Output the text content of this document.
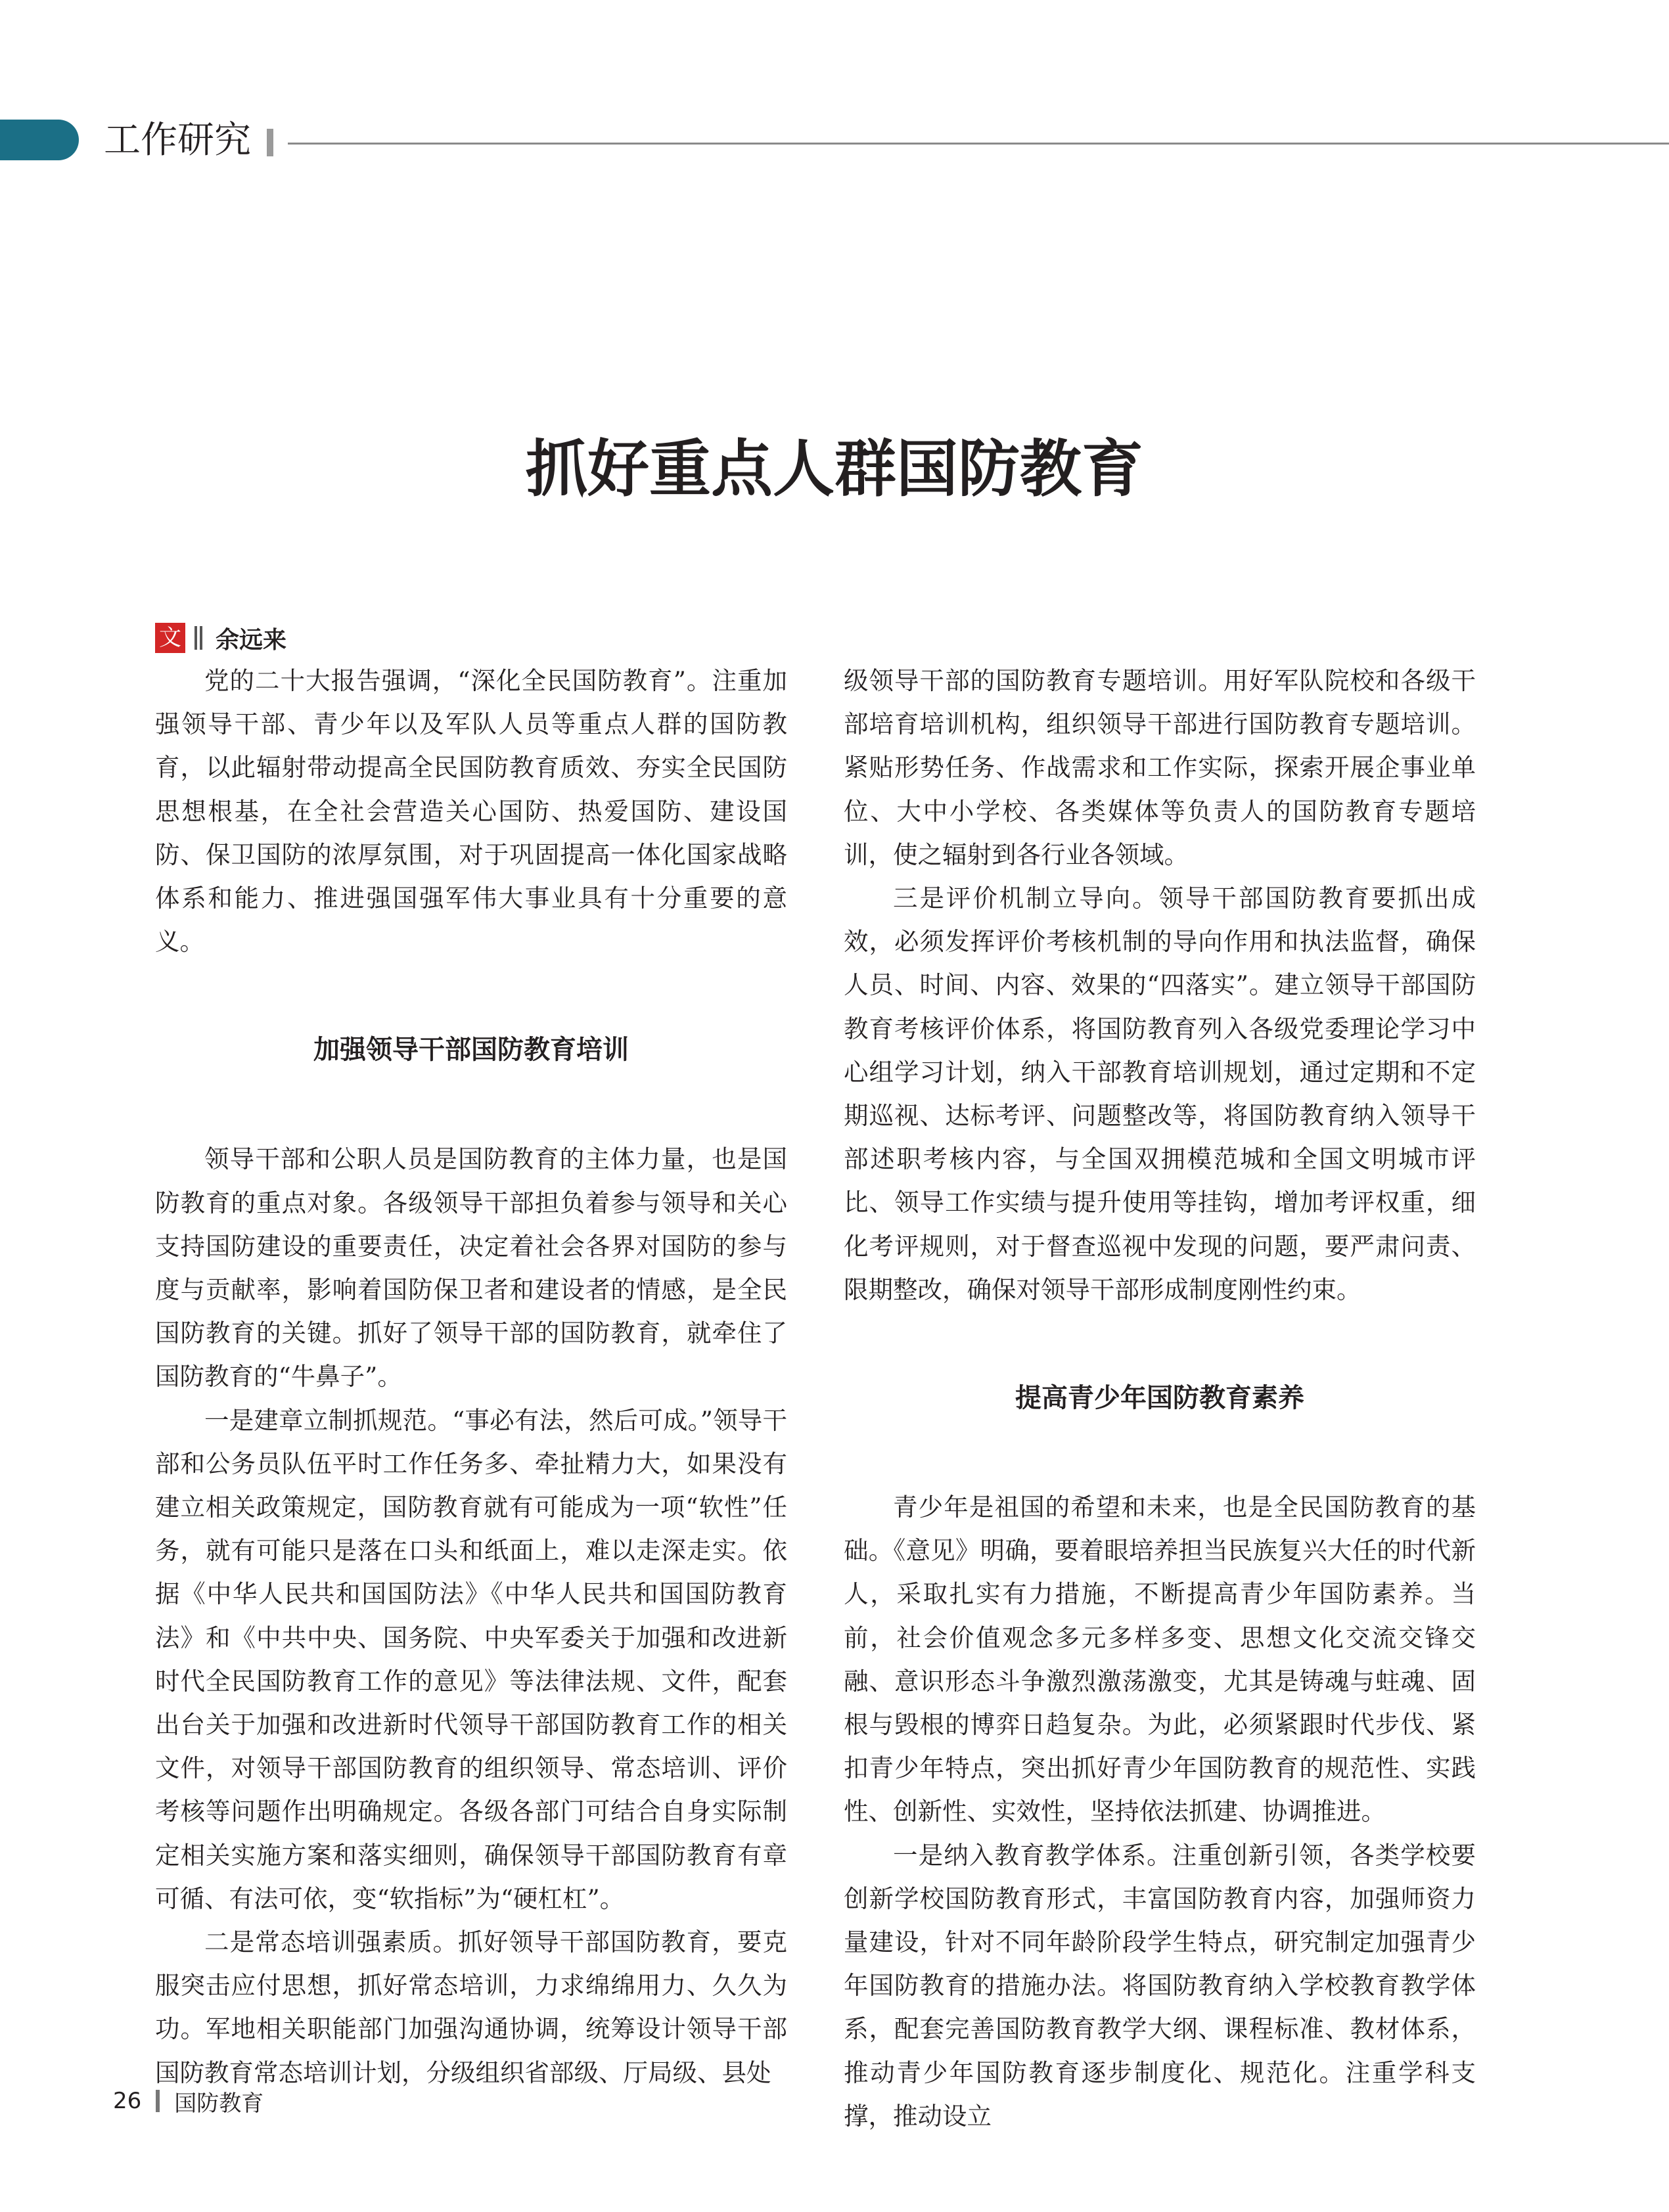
工作研究
抓好重点人群国防教育
文 余远来

党的二十大报告强调，“深化全民国防教育”。注重加强领导干部、青少年以及军队人员等重点人群的国防教育，以此辐射带动提高全民国防教育质效、夯实全民国防思想根基，在全社会营造关心国防、热爱国防、建设国防、保卫国防的浓厚氛围，对于巩固提高一体化国家战略体系和能力、推进强国强军伟大事业具有十分重要的意义。

加强领导干部国防教育培训

领导干部和公职人员是国防教育的主体力量，也是国防教育的重点对象。各级领导干部担负着参与领导和关心支持国防建设的重要责任，决定着社会各界对国防的参与度与贡献率，影响着国防保卫者和建设者的情感，是全民国防教育的关键。抓好了领导干部的国防教育，就牵住了国防教育的“牛鼻子”。

一是建章立制抓规范。“事必有法，然后可成。”领导干部和公务员队伍平时工作任务多、牵扯精力大，如果没有建立相关政策规定，国防教育就有可能成为一项“软性”任务，就有可能只是落在口头和纸面上，难以走深走实。依据《中华人民共和国国防法》《中华人民共和国国防教育法》和《中共中央、国务院、中央军委关于加强和改进新时代全民国防教育工作的意见》等法律法规、文件，配套出台关于加强和改进新时代领导干部国防教育工作的相关文件，对领导干部国防教育的组织领导、常态培训、评价考核等问题作出明确规定。各级各部门可结合自身实际制定相关实施方案和落实细则，确保领导干部国防教育有章可循、有法可依，变“软指标”为“硬杠杠”。

二是常态培训强素质。抓好领导干部国防教育，要克服突击应付思想，抓好常态培训，力求绵绵用力、久久为功。军地相关职能部门加强沟通协调，统筹设计领导干部国防教育常态培训计划，分级组织省部级、厅局级、县处

级领导干部的国防教育专题培训。用好军队院校和各级干部培育培训机构，组织领导干部进行国防教育专题培训。紧贴形势任务、作战需求和工作实际，探索开展企事业单位、大中小学校、各类媒体等负责人的国防教育专题培训，使之辐射到各行业各领域。

三是评价机制立导向。领导干部国防教育要抓出成效，必须发挥评价考核机制的导向作用和执法监督，确保人员、时间、内容、效果的“四落实”。建立领导干部国防教育考核评价体系，将国防教育列入各级党委理论学习中心组学习计划，纳入干部教育培训规划，通过定期和不定期巡视、达标考评、问题整改等，将国防教育纳入领导干部述职考核内容，与全国双拥模范城和全国文明城市评比、领导工作实绩与提升使用等挂钩，增加考评权重，细化考评规则，对于督查巡视中发现的问题，要严肃问责、限期整改，确保对领导干部形成制度刚性约束。

提高青少年国防教育素养

青少年是祖国的希望和未来，也是全民国防教育的基础。《意见》明确，要着眼培养担当民族复兴大任的时代新人，采取扎实有力措施，不断提高青少年国防素养。当前，社会价值观念多元多样多变、思想文化交流交锋交融、意识形态斗争激烈激荡激变，尤其是铸魂与蛀魂、固根与毁根的博弈日趋复杂。为此，必须紧跟时代步伐、紧扣青少年特点，突出抓好青少年国防教育的规范性、实践性、创新性、实效性，坚持依法抓建、协调推进。

一是纳入教育教学体系。注重创新引领，各类学校要创新学校国防教育形式，丰富国防教育内容，加强师资力量建设，针对不同年龄阶段学生特点，研究制定加强青少年国防教育的措施办法。将国防教育纳入学校教育教学体系，配套完善国防教育教学大纲、课程标准、教材体系，推动青少年国防教育逐步制度化、规范化。注重学科支撑，推动设立

26 国防教育
